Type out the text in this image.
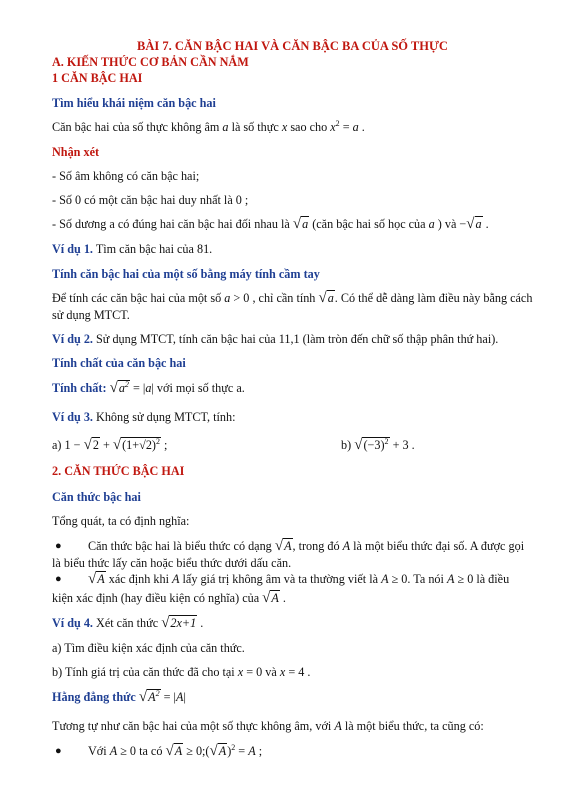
BÀI 7. CĂN BẬC HAI VÀ CĂN BẬC BA CỦA SỐ THỰC
A. KIẾN THỨC CƠ BẢN CẦN NẮM
1 CĂN BẬC HAI
Tìm hiểu khái niệm căn bậc hai
Căn bậc hai của số thực không âm a là số thực x sao cho $x^2 = a$ .
Nhận xét
- Số âm không có căn bậc hai;
- Số 0 có một căn bậc hai duy nhất là 0 ;
- Số dương a có đúng hai căn bậc hai đối nhau là √a (căn bậc hai số học của a ) và −√a .
Ví dụ 1. Tìm căn bậc hai của 81.
Tính căn bậc hai của một số bằng máy tính cầm tay
Để tính các căn bậc hai của một số a > 0 , chỉ cần tính √a. Có thể dễ dàng làm điều này bằng cách
sử dụng MTCT.
Ví dụ 2. Sử dụng MTCT, tính căn bậc hai của 11,1 (làm tròn đến chữ số thập phân thứ hai).
Tính chất của căn bậc hai
Tính chất: $√a^2 = |a|$ với mọi số thực a.
Ví dụ 3. Không sử dụng MTCT, tính:
a) $1 - √2 + √(1+√2)^2$ ;	b) $√(-3)^2 + 3$ .
2. CĂN THỨC BẬC HAI
Căn thức bậc hai
Tổng quát, ta có định nghĩa:
● Căn thức bậc hai là biểu thức có dạng √A, trong đó A là một biểu thức đại số. A được gọi
là biểu thức lấy căn hoặc biểu thức dưới dấu căn.
● √A xác định khi A lấy giá trị không âm và ta thường viết là A ≥ 0. Ta nói A ≥ 0 là điều
kiện xác định (hay điều kiện có nghĩa) của √A .
Ví dụ 4. Xét căn thức √2x+1 .
a) Tìm điều kiện xác định của căn thức.
b) Tính giá trị của căn thức đã cho tại x = 0 và x = 4 .
Hằng đẳng thức $√A^2 = |A|$
Tương tự như căn bậc hai của một số thực không âm, với A là một biểu thức, ta cũng có:
● Với A ≥ 0 ta có $√A \ge 0;(√A)^2 = A$ ;
